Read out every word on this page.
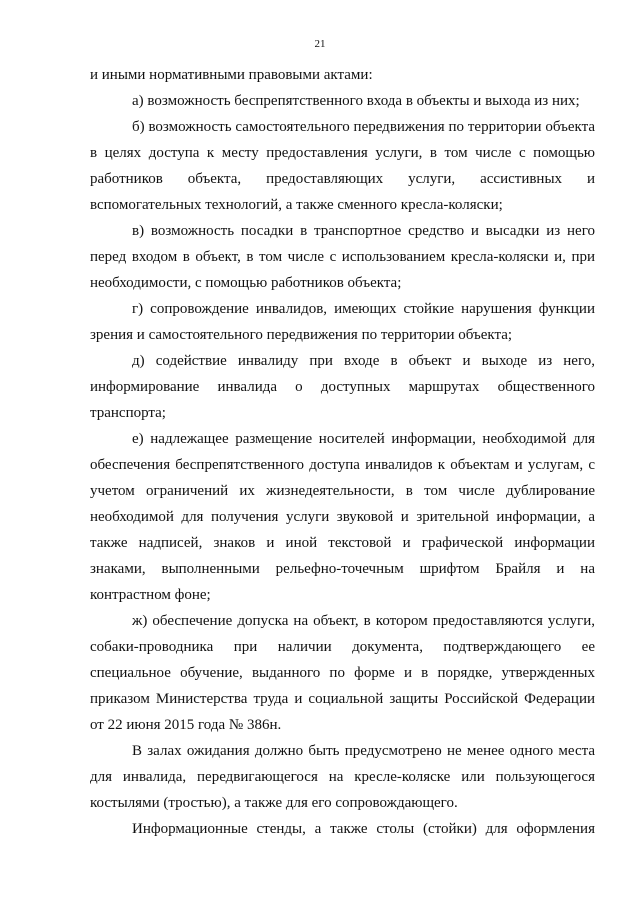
21

и иными нормативными правовыми актами:

а) возможность беспрепятственного входа в объекты и выхода из них;

б) возможность самостоятельного передвижения по территории объекта в целях доступа к месту предоставления услуги, в том числе с помощью работников объекта, предоставляющих услуги, ассистивных и вспомогательных технологий, а также сменного кресла-коляски;

в) возможность посадки в транспортное средство и высадки из него перед входом в объект, в том числе с использованием кресла-коляски и, при необходимости, с помощью работников объекта;

г) сопровождение инвалидов, имеющих стойкие нарушения функции зрения и самостоятельного передвижения по территории объекта;

д) содействие инвалиду при входе в объект и выходе из него, информирование инвалида о доступных маршрутах общественного транспорта;

е) надлежащее размещение носителей информации, необходимой для обеспечения беспрепятственного доступа инвалидов к объектам и услугам, с учетом ограничений их жизнедеятельности, в том числе дублирование необходимой для получения услуги звуковой и зрительной информации, а также надписей, знаков и иной текстовой и графической информации знаками, выполненными рельефно-точечным шрифтом Брайля и на контрастном фоне;

ж) обеспечение допуска на объект, в котором предоставляются услуги, собаки-проводника при наличии документа, подтверждающего ее специальное обучение, выданного по форме и в порядке, утвержденных приказом Министерства труда и социальной защиты Российской Федерации от 22 июня 2015 года № 386н.

В залах ожидания должно быть предусмотрено не менее одного места для инвалида, передвигающегося на кресле-коляске или пользующегося костылями (тростью), а также для его сопровождающего.

Информационные стенды, а также столы (стойки) для оформления
